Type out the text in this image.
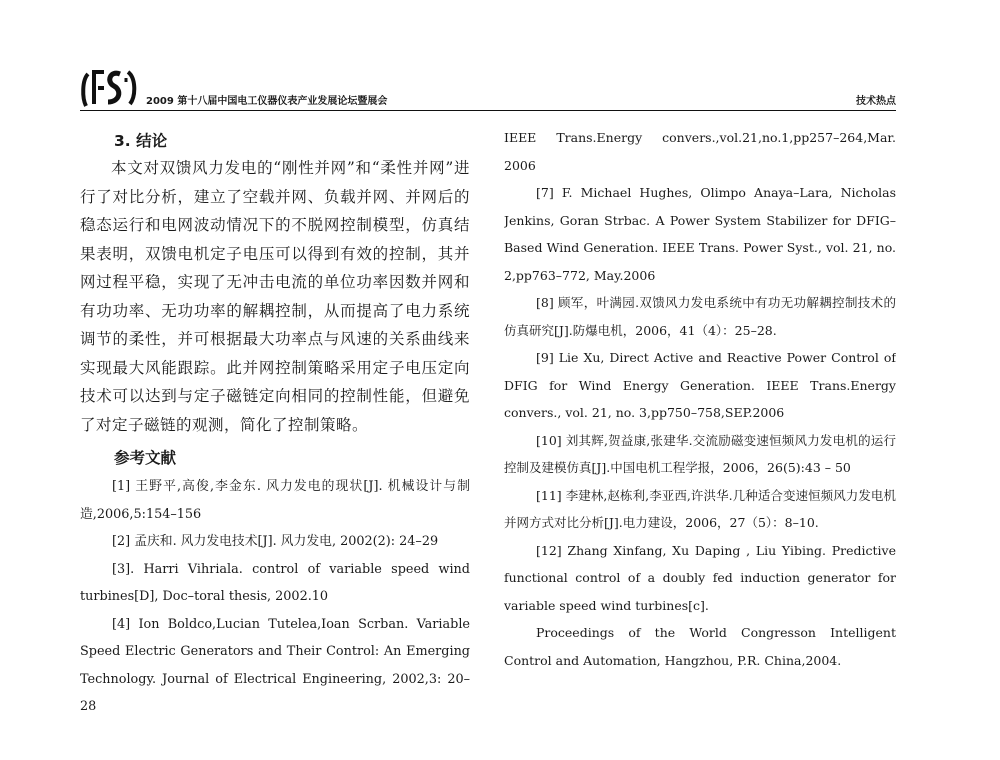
2009 第十八届中国电工仪器仪表产业发展论坛暨展会	技术热点
3. 结论

本文对双馈风力发电的“刚性并网”和“柔性并网”进行了对比分析，建立了空载并网、负载并网、并网后的稳态运行和电网波动情况下的不脱网控制模型，仿真结果表明，双馈电机定子电压可以得到有效的控制，其并网过程平稳，实现了无冲击电流的单位功率因数并网和有功功率、无功功率的解耦控制，从而提高了电力系统调节的柔性，并可根据最大功率点与风速的关系曲线来实现最大风能跟踪。此并网控制策略采用定子电压定向技术可以达到与定子磁链定向相同的控制性能，但避免了对定子磁链的观测，简化了控制策略。

参考文献

[1] 王野平,高俊,李金东. 风力发电的现状[J]. 机械设计与制造,2006,5:154–156

[2] 孟庆和. 风力发电技术[J]. 风力发电, 2002(2): 24–29

[3]. Harri Vihriala. control of variable speed wind turbines[D], Doc–toral thesis, 2002.10

[4] Ion Boldco,Lucian Tutelea,Ioan Scrban. Variable Speed Electric Generators and Their Control: An Emerging Technology. Journal of Electrical Engineering, 2002,3: 20–28

IEEE Trans.Energy convers.,vol.21,no.1,pp257–264,Mar. 2006

[7] F. Michael Hughes, Olimpo Anaya–Lara, Nicholas Jenkins, Goran Strbac. A Power System Stabilizer for DFIG–Based Wind Generation. IEEE Trans. Power Syst., vol. 21, no. 2,pp763–772, May.2006

[8] 顾军，叶满园.双馈风力发电系统中有功无功解耦控制技术的仿真研究[J].防爆电机，2006，41（4）：25–28.

[9] Lie Xu, Direct Active and Reactive Power Control of DFIG for Wind Energy Generation. IEEE Trans.Energy convers., vol. 21, no. 3,pp750–758,SEP.2006

[10] 刘其辉,贺益康,张建华.交流励磁变速恒频风力发电机的运行控制及建模仿真[J].中国电机工程学报，2006，26(5):43 – 50

[11] 李建林,赵栋利,李亚西,许洪华.几种适合变速恒频风力发电机并网方式对比分析[J].电力建设，2006，27（5）：8–10.

[12] Zhang Xinfang, Xu Daping , Liu Yibing. Predictive functional control of a doubly fed induction generator for variable speed wind turbines[c].

Proceedings of the World Congresson Intelligent Control and Automation, Hangzhou, P.R. China,2004.
